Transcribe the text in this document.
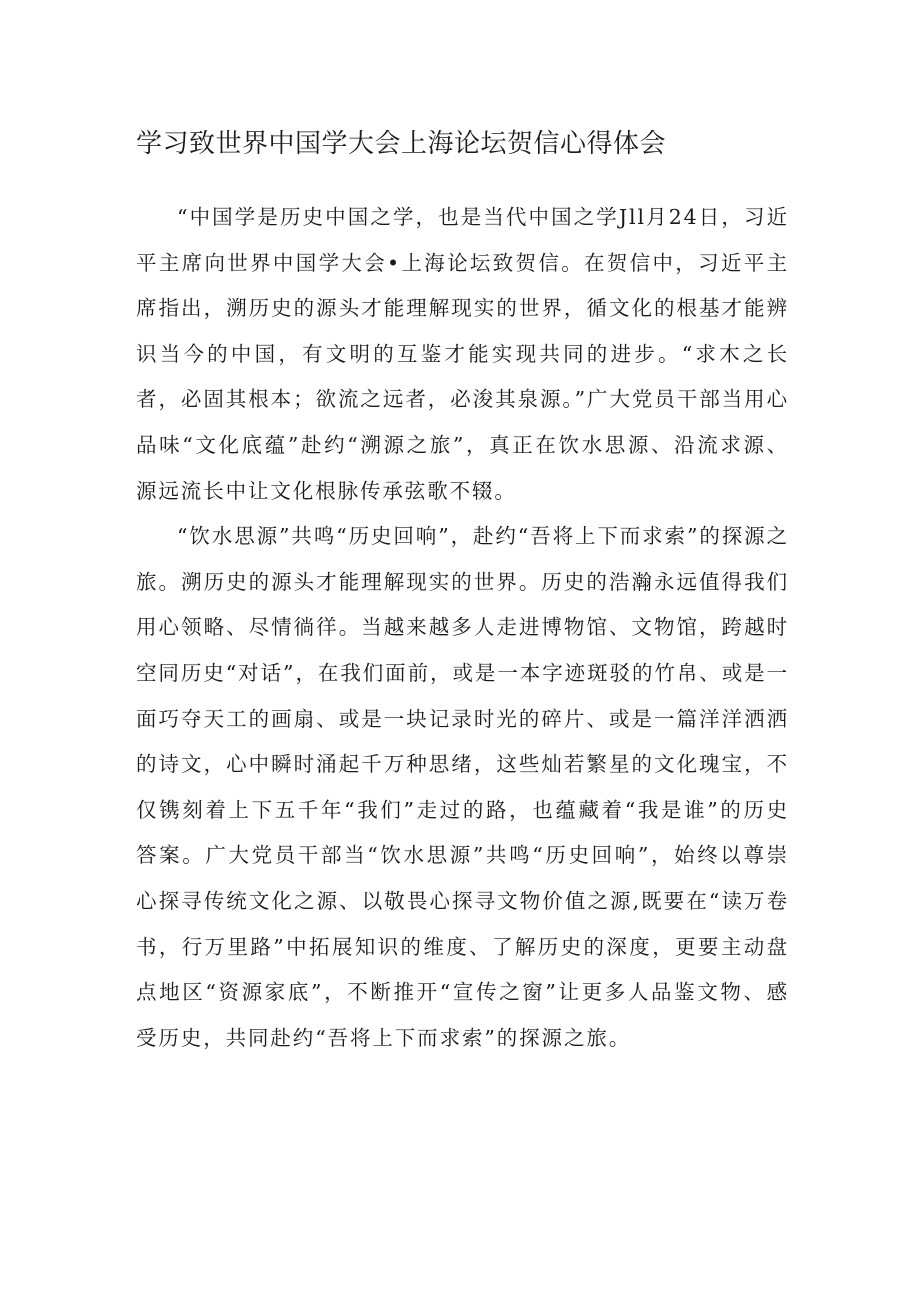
学习致世界中国学大会上海论坛贺信心得体会

“中国学是历史中国之学，也是当代中国之学Jll月24日，习近平主席向世界中国学大会•上海论坛致贺信。在贺信中，习近平主席指出，溯历史的源头才能理解现实的世界，循文化的根基才能辨识当今的中国，有文明的互鉴才能实现共同的进步。“求木之长者，必固其根本；欲流之远者，必浚其泉源。”广大党员干部当用心品味“文化底蕴”赴约“溯源之旅”，真正在饮水思源、沿流求源、源远流长中让文化根脉传承弦歌不辍。

“饮水思源”共鸣“历史回响”，赴约“吾将上下而求索”的探源之旅。溯历史的源头才能理解现实的世界。历史的浩瀚永远值得我们用心领略、尽情徜徉。当越来越多人走进博物馆、文物馆，跨越时空同历史“对话”，在我们面前，或是一本字迹斑驳的竹帛、或是一面巧夺天工的画扇、或是一块记录时光的碎片、或是一篇洋洋洒洒的诗文，心中瞬时涌起千万种思绪，这些灿若繁星的文化瑰宝，不仅镌刻着上下五千年“我们”走过的路，也蕴藏着“我是谁”的历史答案。广大党员干部当“饮水思源”共鸣“历史回响”，始终以尊崇心探寻传统文化之源、以敬畏心探寻文物价值之源,既要在“读万卷书，行万里路”中拓展知识的维度、了解历史的深度，更要主动盘点地区“资源家底”，不断推开“宣传之窗”让更多人品鉴文物、感受历史，共同赴约“吾将上下而求索”的探源之旅。
